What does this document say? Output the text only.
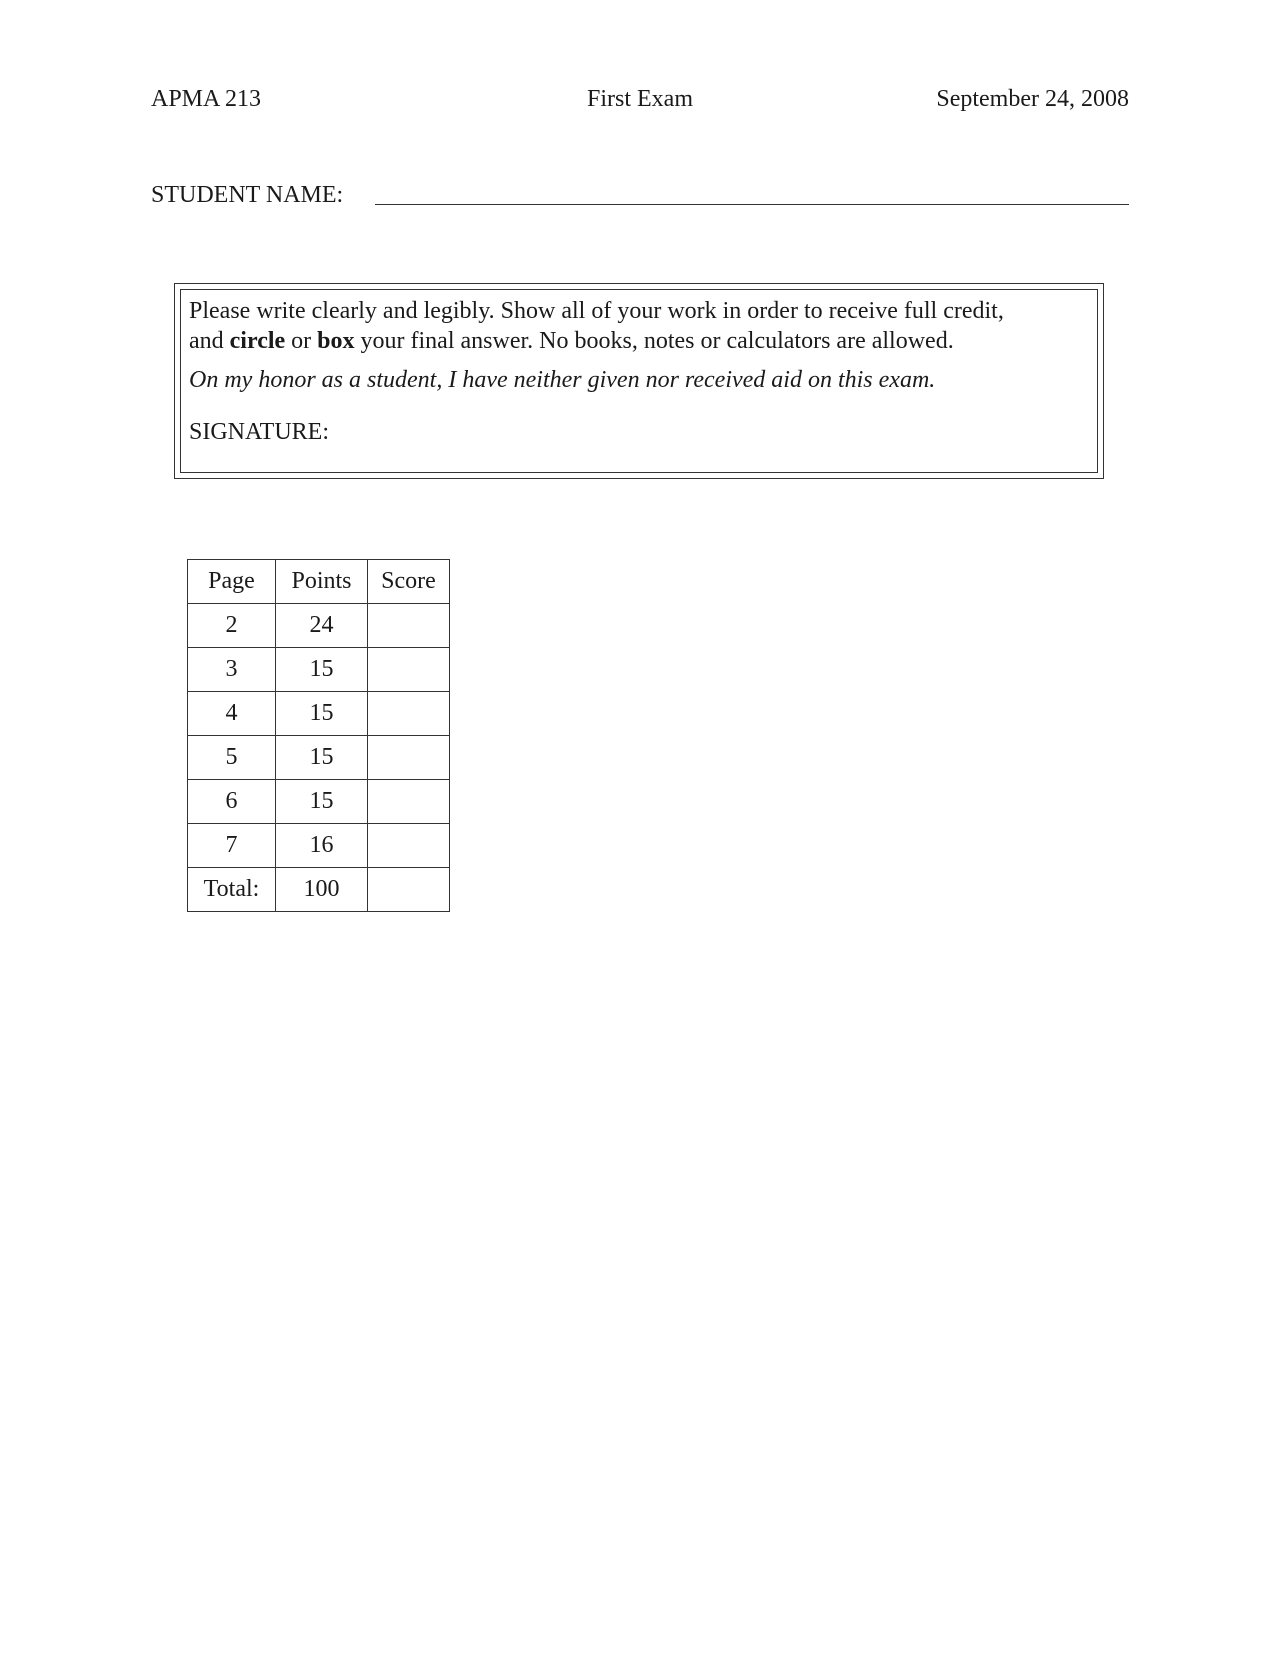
APMA 213	First Exam	September 24, 2008
STUDENT NAME:
Please write clearly and legibly. Show all of your work in order to receive full credit,
and circle or box your final answer. No books, notes or calculators are allowed.
On my honor as a student, I have neither given nor received aid on this exam.
SIGNATURE:
Page	Points	Score
2	24	
3	15	
4	15	
5	15	
6	15	
7	16	
Total:	100	
